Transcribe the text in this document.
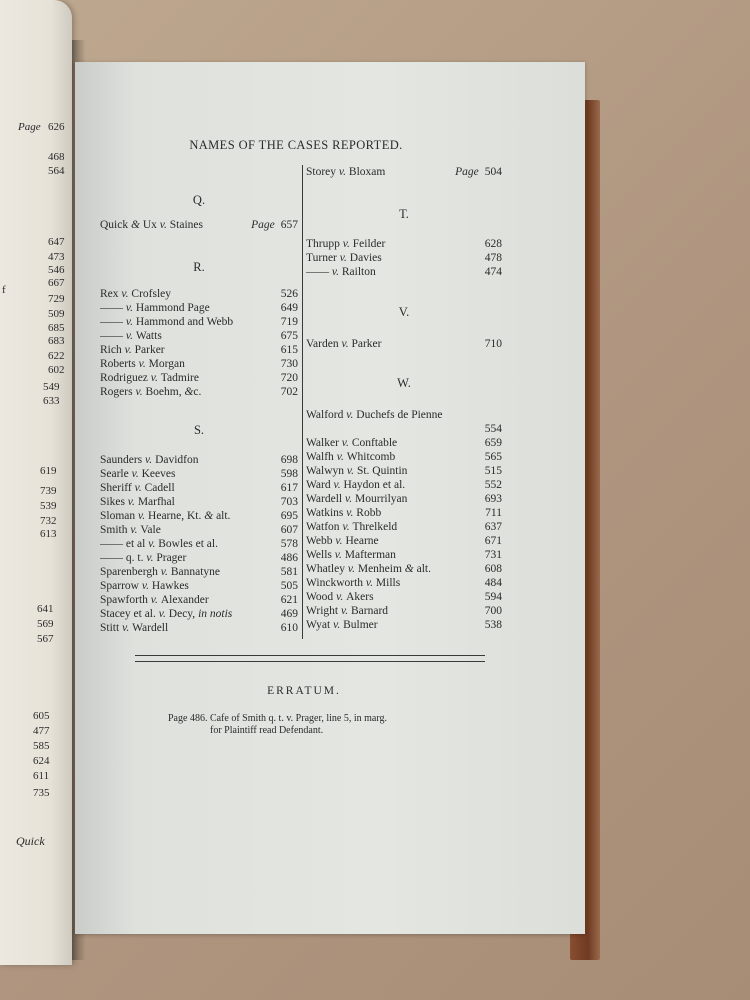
Page
f
Quick
626
468
564
647
473
546
667
729
509
685
683
622
602
549
633
619
739
539
732
613
641
569
567
605
477
585
624
611
735
NAMES OF THE CASES REPORTED.
Q.
Quick & Ux v. Staines	Page 657
R.
Rex v. Crofsley	526
—— v. Hammond Page	649
—— v. Hammond and Webb	719
—— v. Watts	675
Rich v. Parker	615
Roberts v. Morgan	730
Rodriguez v. Tadmire	720
Rogers v. Boehm, &c.	702
S.
Saunders v. Davidfon	698
Searle v. Keeves	598
Sheriff v. Cadell	617
Sikes v. Marfhal	703
Sloman v. Hearne, Kt. & alt.	695
Smith v. Vale	607
—— et al v. Bowles et al.	578
—— q. t. v. Prager	486
Sparenbergh v. Bannatyne	581
Sparrow v. Hawkes	505
Spawforth v. Alexander	621
Stacey et al. v. Decy, in notis	469
Stitt v. Wardell	610
Storey v. Bloxam	Page 504
T.
Thrupp v. Feilder	628
Turner v. Davies	478
—— v. Railton	474
V.
Varden v. Parker	710
W.
Walford v. Duchefs de Pienne
554
Walker v. Conftable	659
Walfh v. Whitcomb	565
Walwyn v. St. Quintin	515
Ward v. Haydon et al.	552
Wardell v. Mourrilyan	693
Watkins v. Robb	711
Watfon v. Threlkeld	637
Webb v. Hearne	671
Wells v. Mafterman	731
Whatley v. Menheim & alt.	608
Winckworth v. Mills	484
Wood v. Akers	594
Wright v. Barnard	700
Wyat v. Bulmer	538
ERRATUM.
Page 486. Cafe of Smith q. t. v. Prager, line 5, in marg.
for Plaintiff read Defendant.
